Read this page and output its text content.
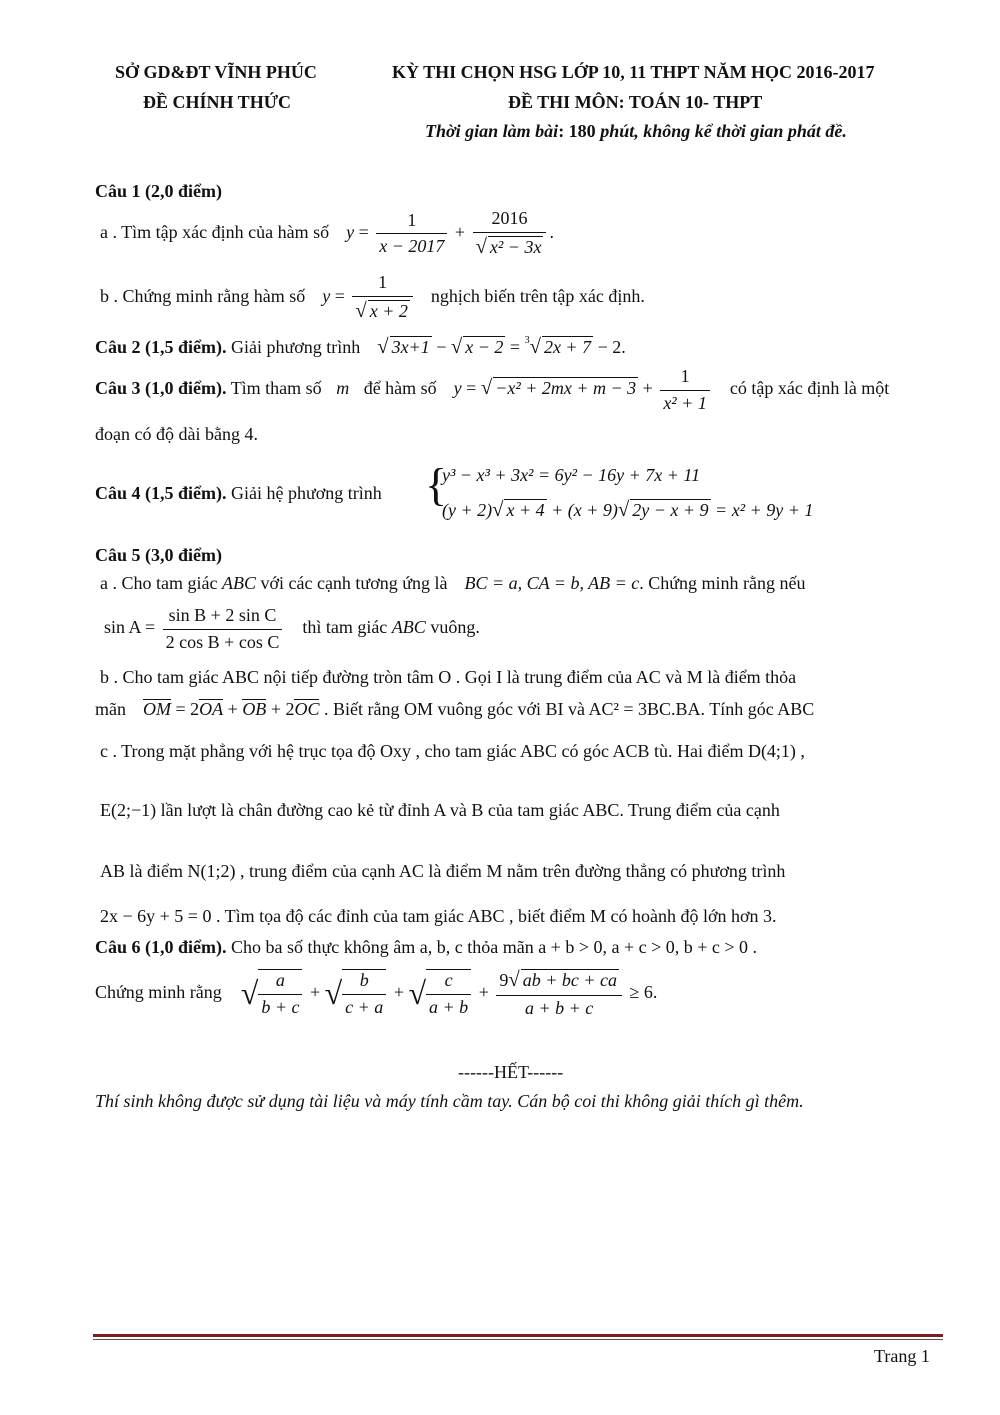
SỞ GD&ĐT VĨNH PHÚC
ĐỀ CHÍNH THỨC
KỲ THI CHỌN HSG LỚP 10, 11 THPT NĂM HỌC 2016-2017
ĐỀ THI MÔN: TOÁN 10- THPT
Thời gian làm bài: 180 phút, không kể thời gian phát đề.
Câu 1 (2,0 điểm)
a . Tìm tập xác định của hàm số $y = \frac{1}{x - 2017} + \frac{2016}{\text{√ x² − 3x}}$ .
b . Chứng minh rằng hàm số $y = \frac{1}{√ x + 2}$ nghịch biến trên tập xác định.
Câu 2 (1,5 điểm). Giải phương trình √ 3x+1 − √ x − 2 = $^3$√ 2x + 7 − 2.
Câu 3 (1,0 điểm). Tìm tham số m để hàm số y = √ $-x^2 + 2mx + m - 3 + \frac{1}{\text{x² + 1}}$ có tập xác định là một
đoạn có độ dài bằng 4.
Câu 4 (1,5 điểm). Giải hệ phương trình {
y³ − x³ + 3x² = 6y² − 16y + 7x + 11
(y + 2)√ x + 4 + (x + 9)√ 2y − x + 9 = x² + 9y + 1
Câu 5 (3,0 điểm)
a . Cho tam giác ABC với các cạnh tương ứng là BC = a, CA = b, AB = c. Chứng minh rằng nếu
$\sin A = \frac{\text{sin B + 2 sin C}}{\text{2 cos B + cos C}}$ thì tam giác ABC vuông.
b . Cho tam giác ABC nội tiếp đường tròn tâm O . Gọi I là trung điểm của AC và M là điểm thỏa
mãn OM = 2OA + OB + 2OC . Biết rằng OM vuông góc với BI và AC² = 3BC.BA. Tính góc ABC
c . Trong mặt phẳng với hệ trục tọa độ Oxy , cho tam giác ABC có góc ACB tù. Hai điểm D(4;1) ,
E(2;−1) lần lượt là chân đường cao kẻ từ đỉnh A và B của tam giác ABC. Trung điểm của cạnh
AB là điểm N(1;2) , trung điểm của cạnh AC là điểm M nằm trên đường thẳng có phương trình
2x − 6y + 5 = 0 . Tìm tọa độ các đỉnh của tam giác ABC , biết điểm M có hoành độ lớn hơn 3.
Câu 6 (1,0 điểm). Cho ba số thực không âm a, b, c thỏa mãn a + b > 0, a + c > 0, b + c > 0 .
Chứng minh rằng √ $\frac{a}{b + c}$ + √ $\frac{b}{c + a}$ + √ $\frac{c}{a + b} + \frac{9√ ab + bc + ca}{a + b + c} \ge 6$.
------HẾT------
Thí sinh không được sử dụng tài liệu và máy tính cầm tay. Cán bộ coi thi không giải thích gì thêm.
Trang 1
